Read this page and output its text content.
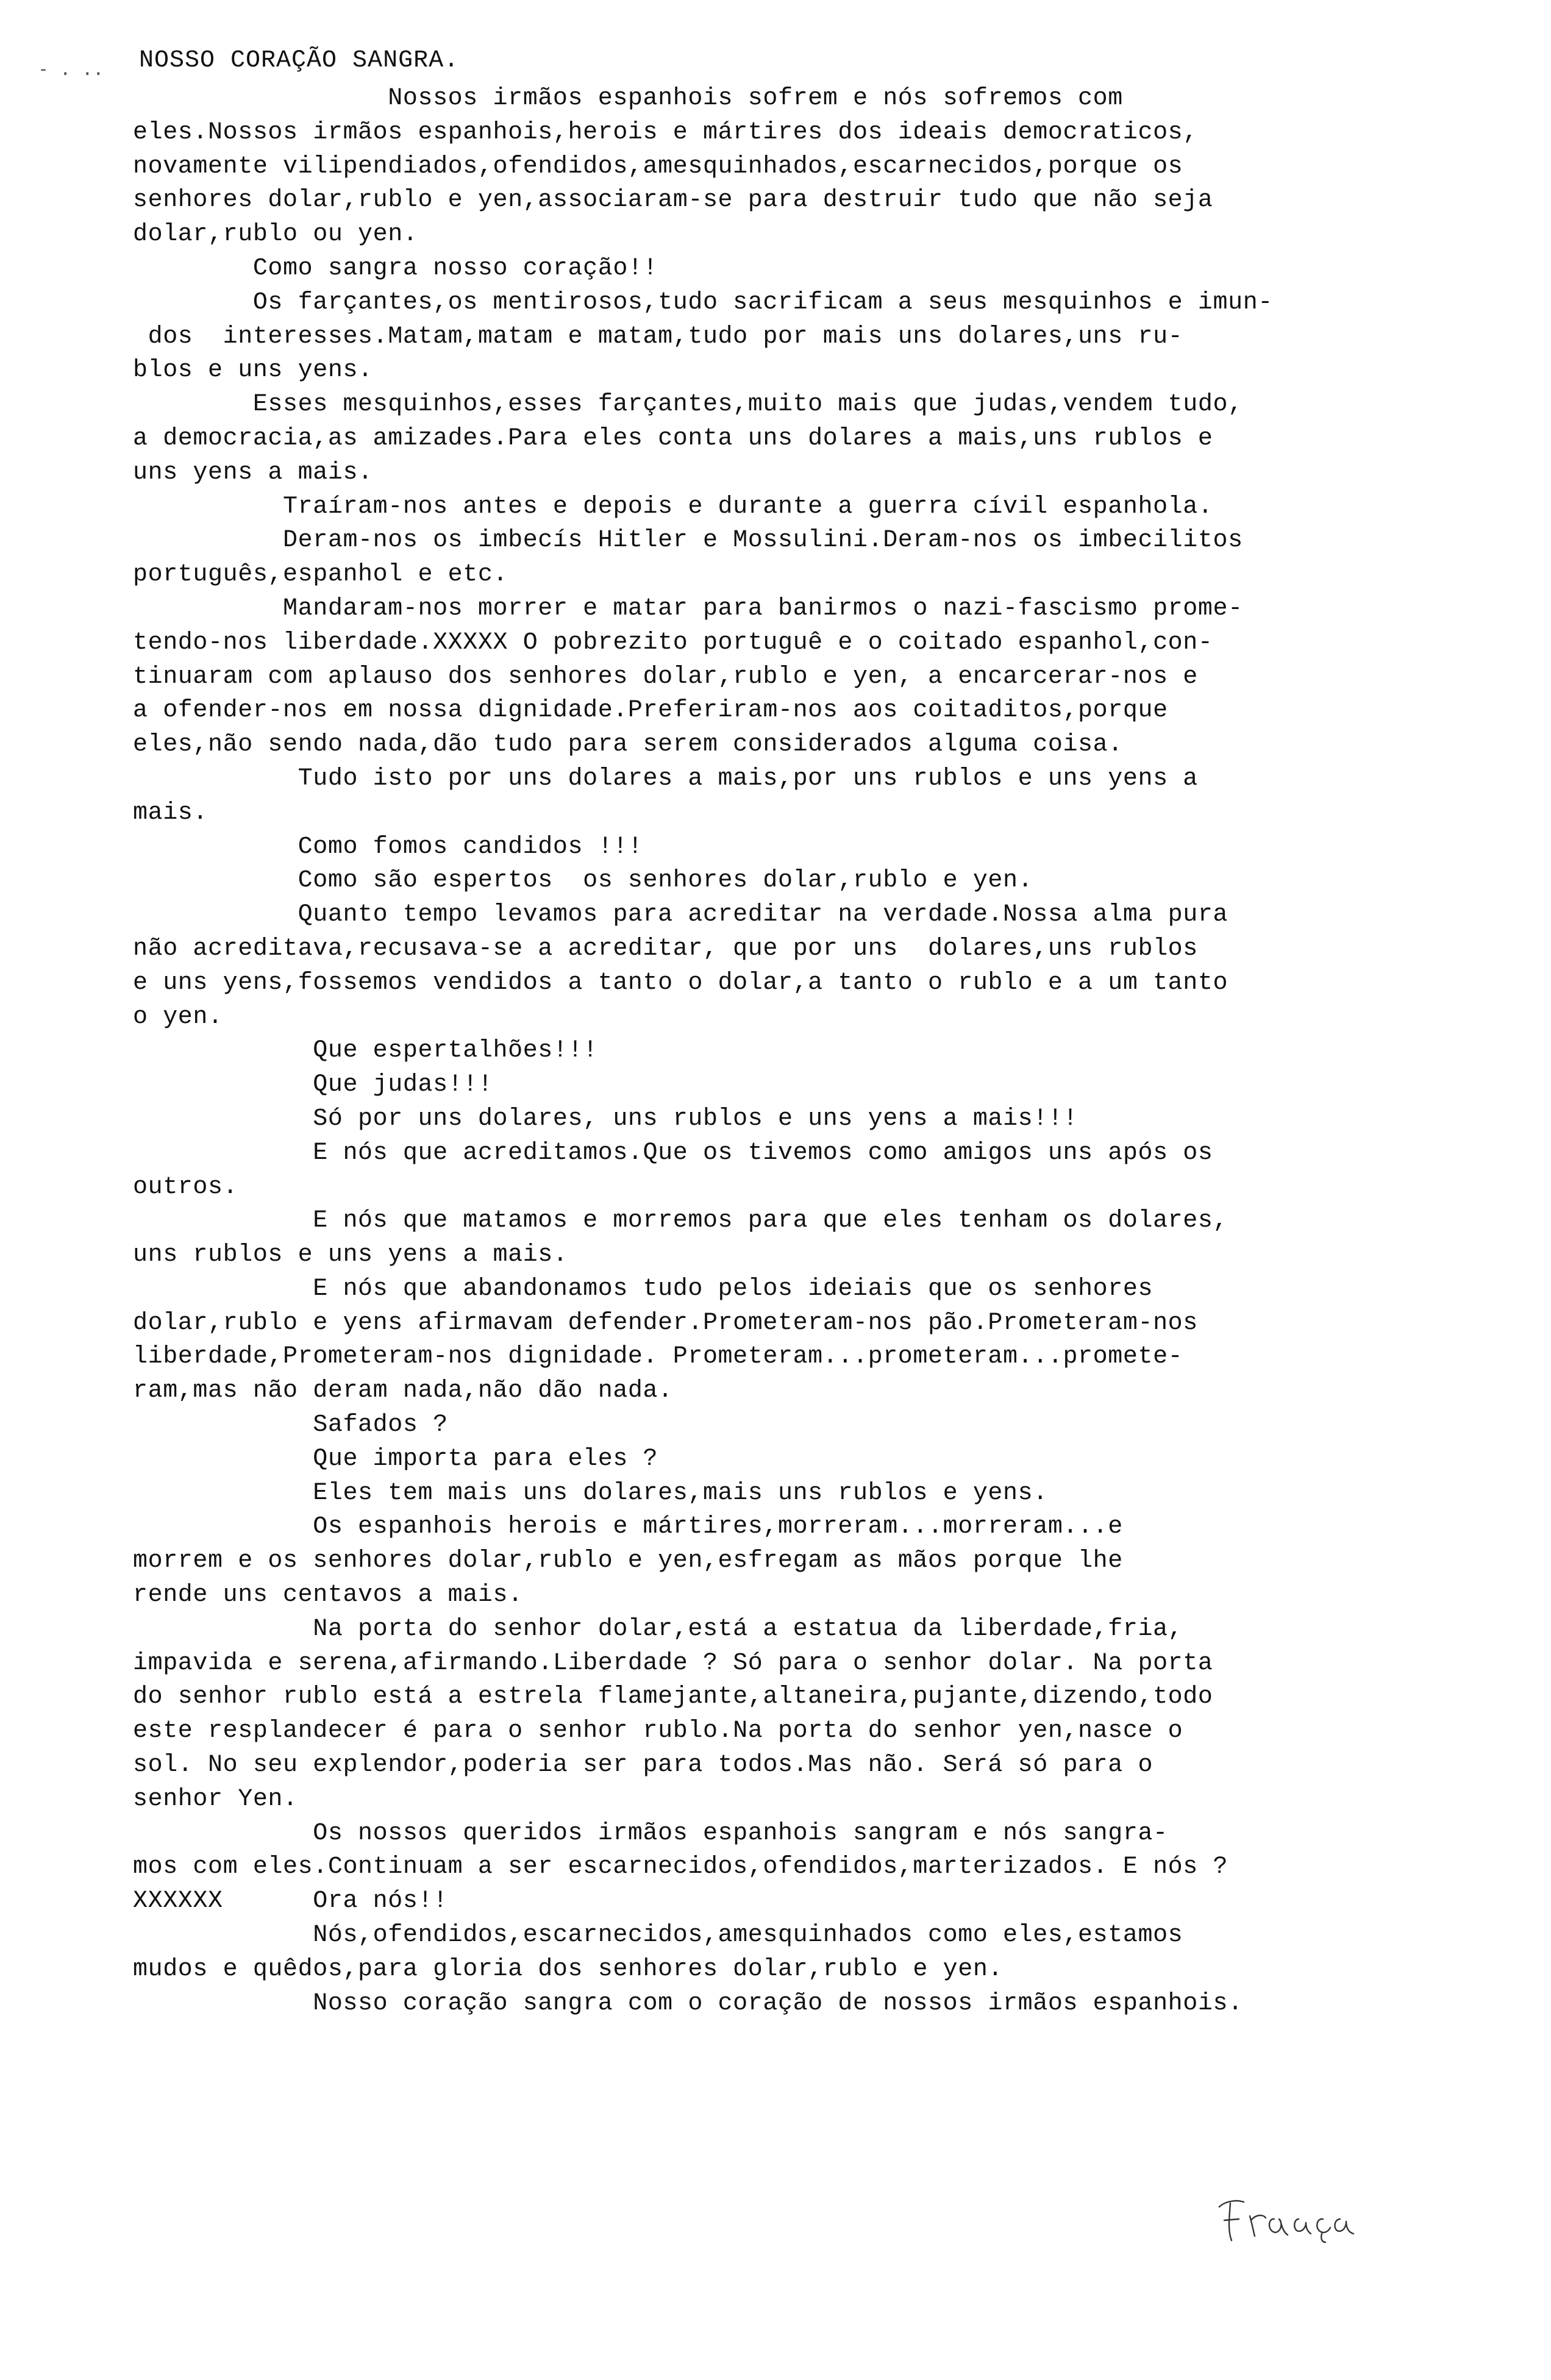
- . .. NOSSO CORAÇÃO SANGRA.
Nossos irmãos espanhois sofrem e nós sofremos com
eles.Nossos irmãos espanhois,herois e mártires dos ideais democraticos,
novamente vilipendiados,ofendidos,amesquinhados,escarnecidos,porque os
senhores dolar,rublo e yen,associaram-se para destruir tudo que não seja
dolar,rublo ou yen.
Como sangra nosso coração!!
Os farçantes,os mentirosos,tudo sacrificam a seus mesquinhos e imun-
dos  interesses.Matam,matam e matam,tudo por mais uns dolares,uns ru-
blos e uns yens.
Esses mesquinhos,esses farçantes,muito mais que judas,vendem tudo,
a democracia,as amizades.Para eles conta uns dolares a mais,uns rublos e
uns yens a mais.
Traíram-nos antes e depois e durante a guerra cívil espanhola.
Deram-nos os imbecís Hitler e Mossulini.Deram-nos os imbecilitos
português,espanhol e etc.
Mandaram-nos morrer e matar para banirmos o nazi-fascismo prome-
tendo-nos liberdade.XXXXX O pobrezito portuguê e o coitado espanhol,con-
tinuaram com aplauso dos senhores dolar,rublo e yen, a encarcerar-nos e
a ofender-nos em nossa dignidade.Preferiram-nos aos coitaditos,porque
eles,não sendo nada,dão tudo para serem considerados alguma coisa.
Tudo isto por uns dolares a mais,por uns rublos e uns yens a
mais.
Como fomos candidos !!!
Como são espertos  os senhores dolar,rublo e yen.
Quanto tempo levamos para acreditar na verdade.Nossa alma pura
não acreditava,recusava-se a acreditar, que por uns  dolares,uns rublos
e uns yens,fossemos vendidos a tanto o dolar,a tanto o rublo e a um tanto
o yen.
Que espertalhões!!!
Que judas!!!
Só por uns dolares, uns rublos e uns yens a mais!!!
E nós que acreditamos.Que os tivemos como amigos uns após os
outros.
E nós que matamos e morremos para que eles tenham os dolares,
uns rublos e uns yens a mais.
E nós que abandonamos tudo pelos ideiais que os senhores
dolar,rublo e yens afirmavam defender.Prometeram-nos pão.Prometeram-nos
liberdade,Prometeram-nos dignidade. Prometeram...prometeram...promete-
ram,mas não deram nada,não dão nada.
Safados ?
Que importa para eles ?
Eles tem mais uns dolares,mais uns rublos e yens.
Os espanhois herois e mártires,morreram...morreram...e
morrem e os senhores dolar,rublo e yen,esfregam as mãos porque lhe
rende uns centavos a mais.
Na porta do senhor dolar,está a estatua da liberdade,fria,
impavida e serena,afirmando.Liberdade ? Só para o senhor dolar. Na porta
do senhor rublo está a estrela flamejante,altaneira,pujante,dizendo,todo
este resplandecer é para o senhor rublo.Na porta do senhor yen,nasce o
sol. No seu explendor,poderia ser para todos.Mas não. Será só para o
senhor Yen.
Os nossos queridos irmãos espanhois sangram e nós sangra-
mos com eles.Continuam a ser escarnecidos,ofendidos,marterizados. E nós ?
XXXXXX      Ora nós!!
Nós,ofendidos,escarnecidos,amesquinhados como eles,estamos
mudos e quêdos,para gloria dos senhores dolar,rublo e yen.
Nosso coração sangra com o coração de nossos irmãos espanhois.
